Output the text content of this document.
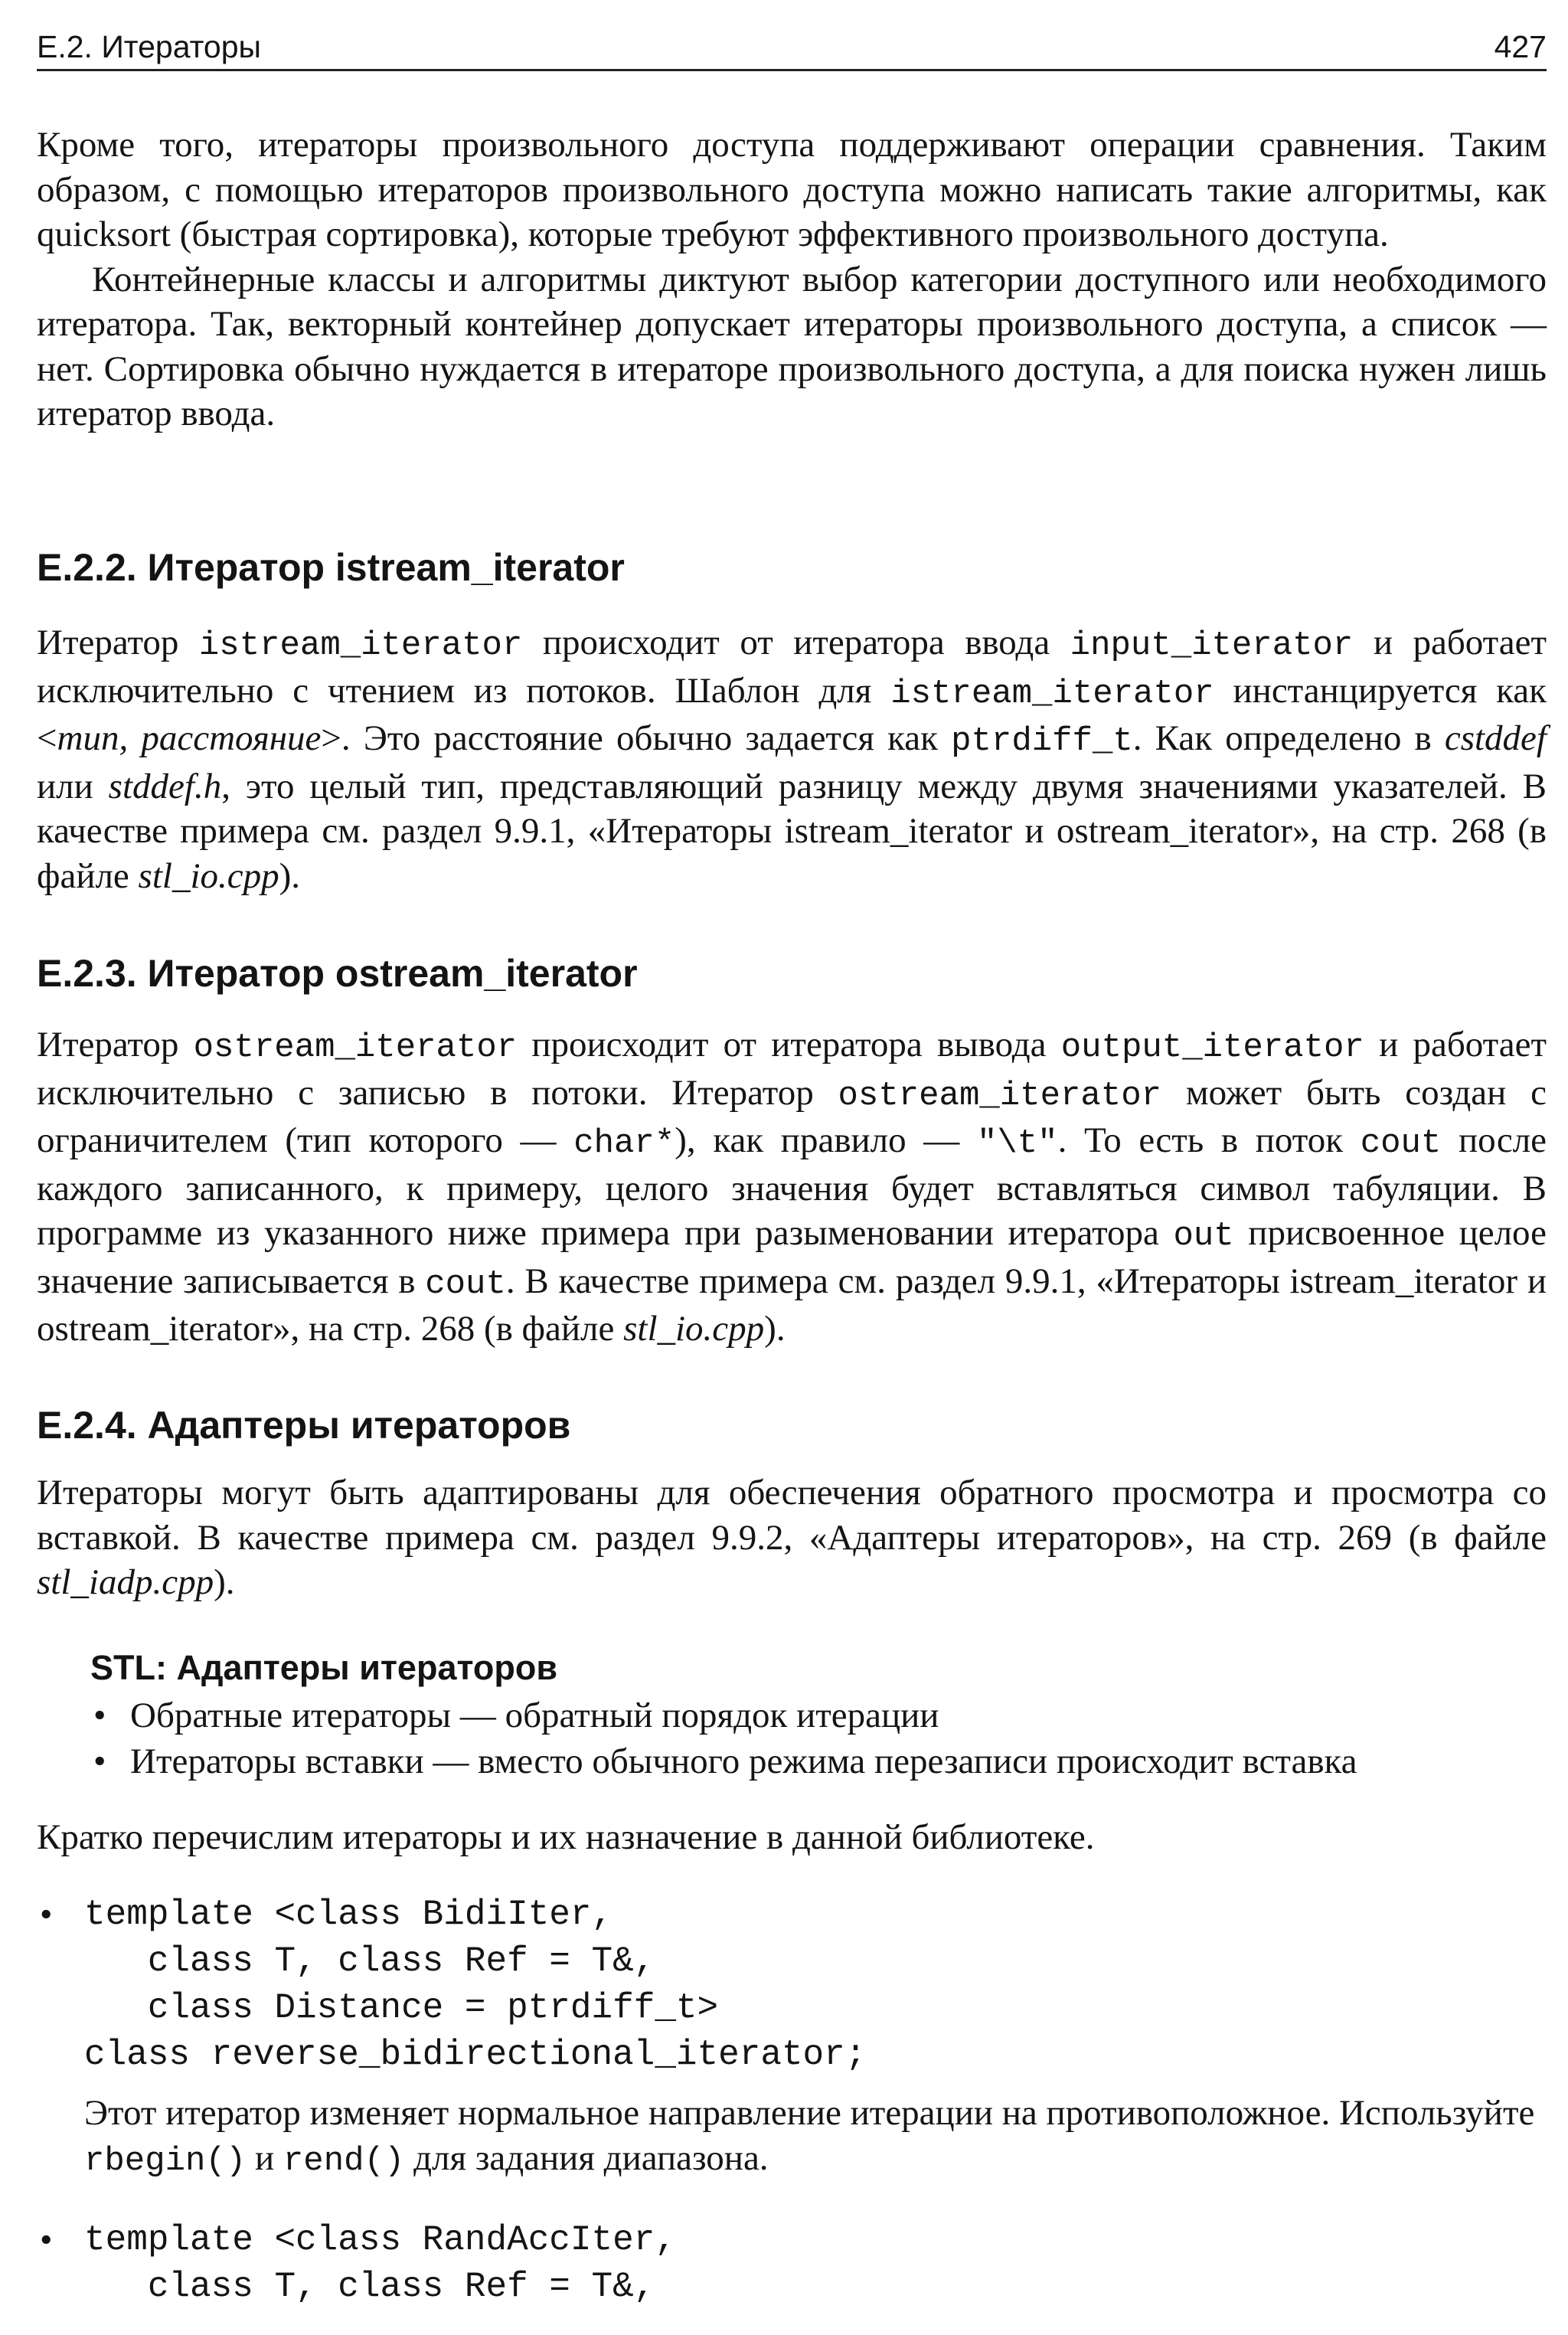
Е.2. Итераторы	427

Кроме того, итераторы произвольного доступа поддерживают операции сравнения. Таким образом, с помощью итераторов произвольного доступа можно написать такие алгоритмы, как quicksort (быстрая сортировка), которые требуют эффективного произвольного доступа.

Контейнерные классы и алгоритмы диктуют выбор категории доступного или необходимого итератора. Так, векторный контейнер допускает итераторы произвольного доступа, а список — нет. Сортировка обычно нуждается в итераторе произвольного доступа, а для поиска нужен лишь итератор ввода.

Е.2.2. Итератор istream_iterator

Итератор istream_iterator происходит от итератора ввода input_iterator и работает исключительно с чтением из потоков. Шаблон для istream_iterator инстанцируется как <тип, расстояние>. Это расстояние обычно задается как ptrdiff_t. Как определено в cstddef или stddef.h, это целый тип, представляющий разницу между двумя значениями указателей. В качестве примера см. раздел 9.9.1, «Итераторы istream_iterator и ostream_iterator», на стр. 268 (в файле stl_io.cpp).

Е.2.3. Итератор ostream_iterator

Итератор ostream_iterator происходит от итератора вывода output_iterator и работает исключительно с записью в потоки. Итератор ostream_iterator может быть создан с ограничителем (тип которого — char*), как правило — "\t". То есть в поток cout после каждого записанного, к примеру, целого значения будет вставляться символ табуляции. В программе из указанного ниже примера при разыменовании итератора out присвоенное целое значение записывается в cout. В качестве примера см. раздел 9.9.1, «Итераторы istream_iterator и ostream_iterator», на стр. 268 (в файле stl_io.cpp).

Е.2.4. Адаптеры итераторов

Итераторы могут быть адаптированы для обеспечения обратного просмотра и просмотра со вставкой. В качестве примера см. раздел 9.9.2, «Адаптеры итераторов», на стр. 269 (в файле stl_iadp.cpp).

STL: Адаптеры итераторов
• Обратные итераторы — обратный порядок итерации
• Итераторы вставки — вместо обычного режима перезаписи происходит вставка

Кратко перечислим итераторы и их назначение в данной библиотеке.

• template <class BidiIter,
class T, class Ref = T&,
class Distance = ptrdiff_t>
class reverse_bidirectional_iterator;

Этот итератор изменяет нормальное направление итерации на противоположное. Используйте rbegin() и rend() для задания диапазона.

• template <class RandAccIter,
class T, class Ref = T&,
